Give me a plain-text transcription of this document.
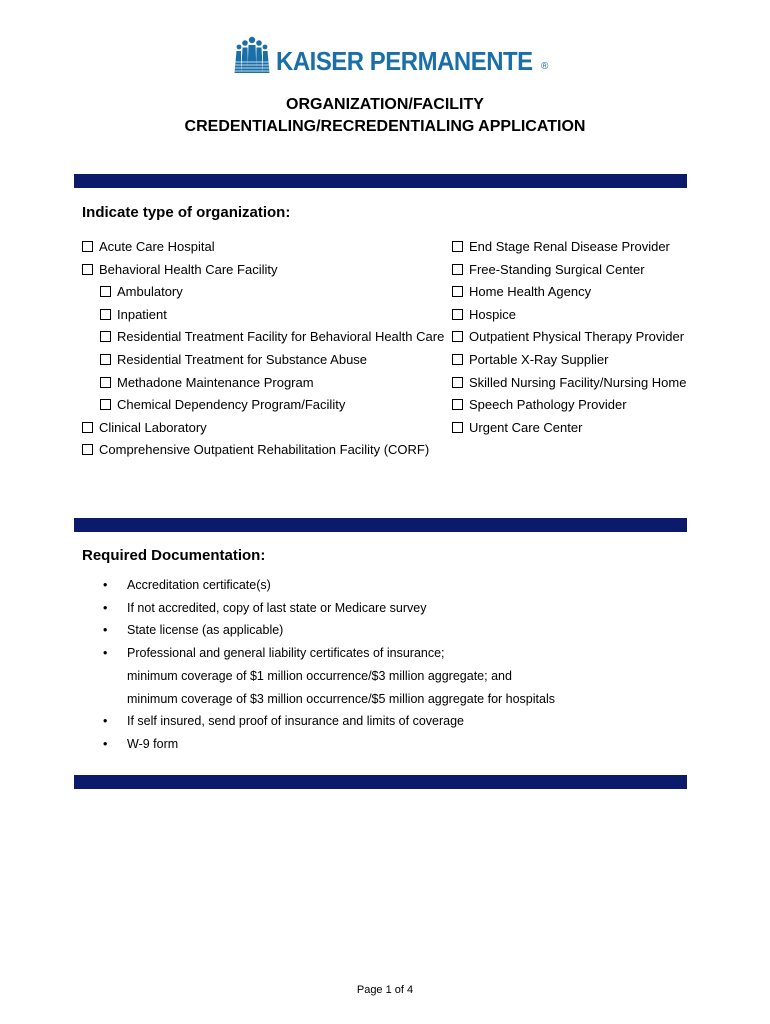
KAISER PERMANENTE ®
ORGANIZATION/FACILITY
CREDENTIALING/RECREDENTIALING APPLICATION
Indicate type of organization:
Acute Care Hospital
Behavioral Health Care Facility
Ambulatory
Inpatient
Residential Treatment Facility for Behavioral Health Care
Residential Treatment for Substance Abuse
Methadone Maintenance Program
Chemical Dependency Program/Facility
Clinical Laboratory
Comprehensive Outpatient Rehabilitation Facility (CORF)
End Stage Renal Disease Provider
Free-Standing Surgical Center
Home Health Agency
Hospice
Outpatient Physical Therapy Provider
Portable X-Ray Supplier
Skilled Nursing Facility/Nursing Home
Speech Pathology Provider
Urgent Care Center
Required Documentation:
• Accreditation certificate(s)
• If not accredited, copy of last state or Medicare survey
• State license (as applicable)
• Professional and general liability certificates of insurance;
minimum coverage of $1 million occurrence/$3 million aggregate; and
minimum coverage of $3 million occurrence/$5 million aggregate for hospitals
• If self insured, send proof of insurance and limits of coverage
• W-9 form
Page 1 of 4
